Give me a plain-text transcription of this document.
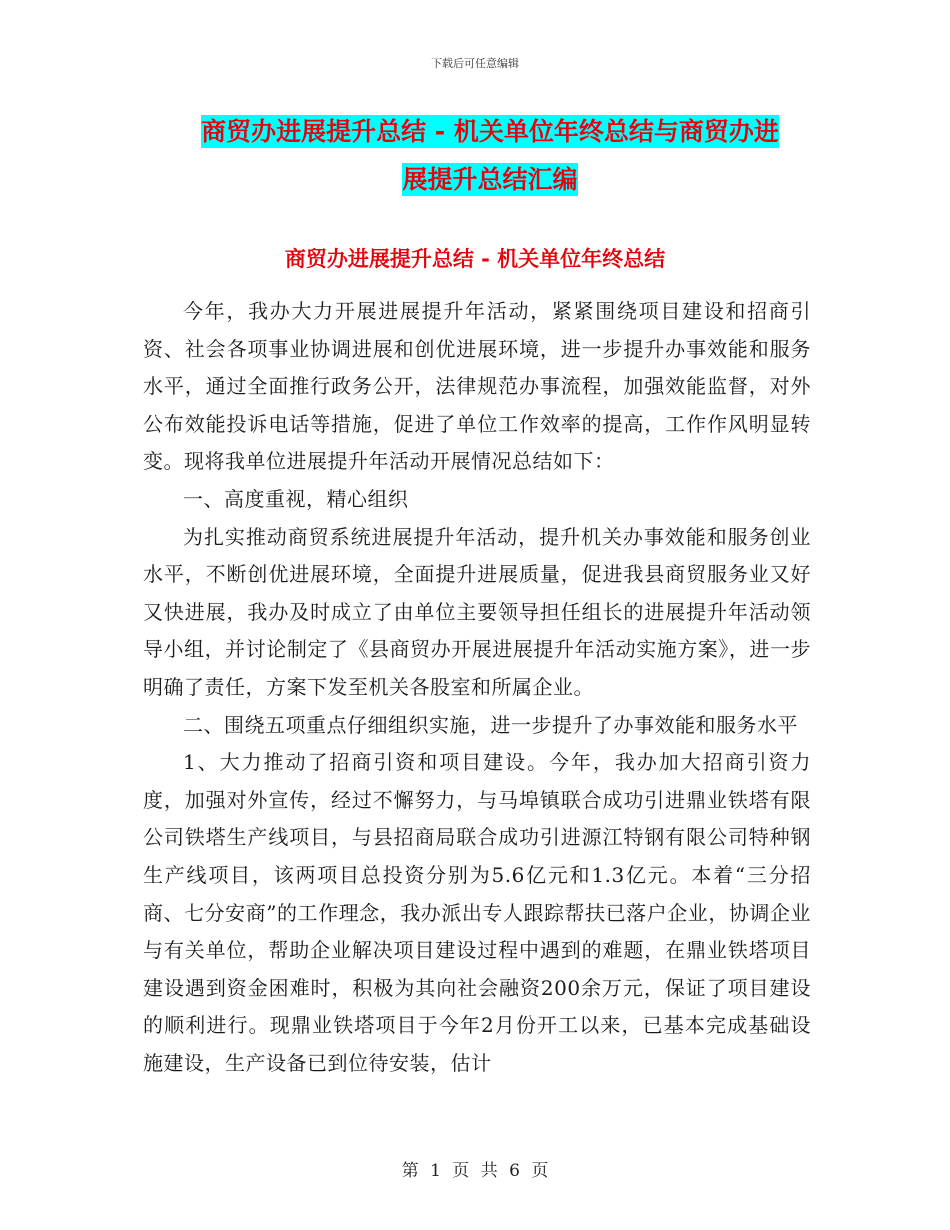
下载后可任意编辑
商贸办进展提升总结 - 机关单位年终总结与商贸办进
展提升总结汇编
商贸办进展提升总结 - 机关单位年终总结

今年，我办大力开展进展提升年活动，紧紧围绕项目建设和招商引资、社会各项事业协调进展和创优进展环境，进一步提升办事效能和服务水平，通过全面推行政务公开，法律规范办事流程，加强效能监督，对外公布效能投诉电话等措施，促进了单位工作效率的提高，工作作风明显转变。现将我单位进展提升年活动开展情况总结如下：

一、高度重视，精心组织

为扎实推动商贸系统进展提升年活动，提升机关办事效能和服务创业水平，不断创优进展环境，全面提升进展质量，促进我县商贸服务业又好又快进展，我办及时成立了由单位主要领导担任组长的进展提升年活动领导小组，并讨论制定了《县商贸办开展进展提升年活动实施方案》，进一步明确了责任，方案下发至机关各股室和所属企业。

二、围绕五项重点仔细组织实施，进一步提升了办事效能和服务水平

1、大力推动了招商引资和项目建设。今年，我办加大招商引资力度，加强对外宣传，经过不懈努力，与马埠镇联合成功引进鼎业铁塔有限公司铁塔生产线项目，与县招商局联合成功引进源江特钢有限公司特种钢生产线项目，该两项目总投资分别为5.6亿元和1.3亿元。本着“三分招商、七分安商”的工作理念，我办派出专人跟踪帮扶已落户企业，协调企业与有关单位，帮助企业解决项目建设过程中遇到的难题，在鼎业铁塔项目建设遇到资金困难时，积极为其向社会融资200余万元，保证了项目建设的顺利进行。现鼎业铁塔项目于今年2月份开工以来，已基本完成基础设施建设，生产设备已到位待安装，估计

第 1 页 共 6 页
